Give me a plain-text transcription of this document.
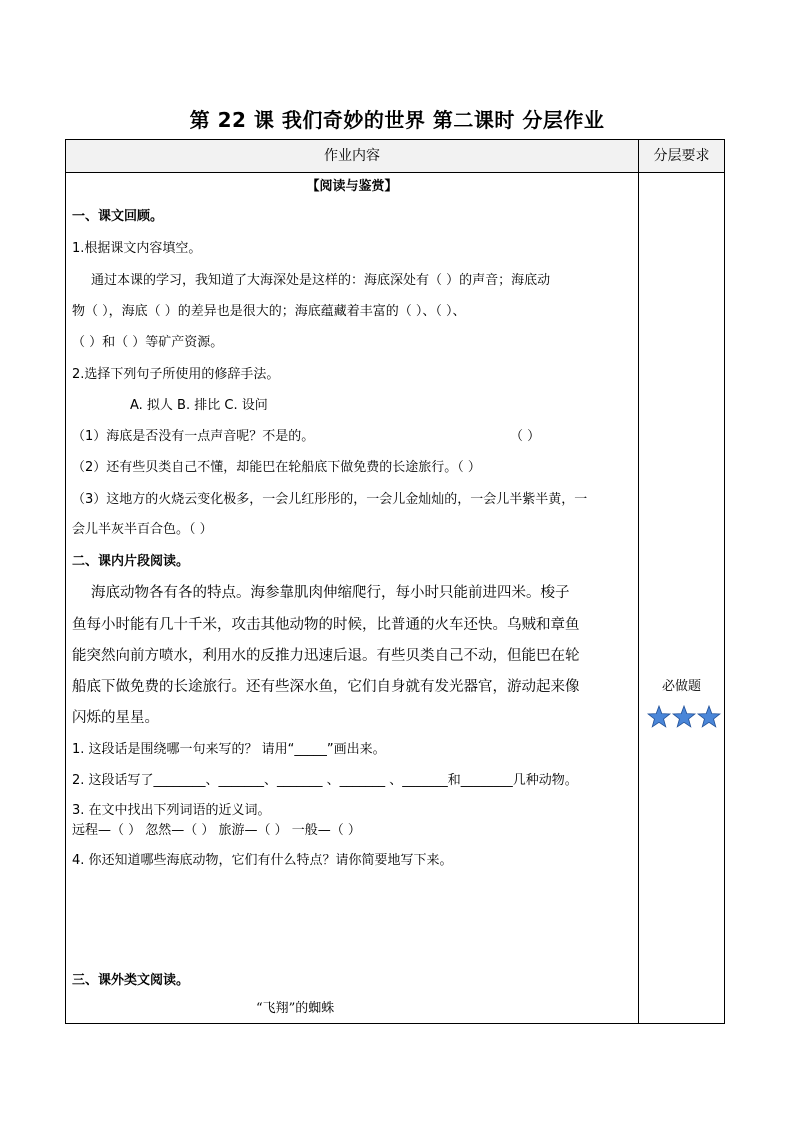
第 22 课 我们奇妙的世界 第二课时 分层作业
作业内容	分层要求
【阅读与鉴赏】
一、课文回顾。
1.根据课文内容填空。
通过本课的学习，我知道了大海深处是这样的：海底深处有（ ）的声音；海底动
物（ ），海底（ ）的差异也是很大的；海底蕴藏着丰富的（ ）、（ ）、
（ ）和（ ）等矿产资源。
2.选择下列句子所使用的修辞手法。
A. 拟人 B. 排比 C. 设问
（1）海底是否没有一点声音呢？不是的。	（ ）
（2）还有些贝类自己不懂，却能巴在轮船底下做免费的长途旅行。（ ）
（3）这地方的火烧云变化极多，一会儿红彤彤的，一会儿金灿灿的，一会儿半紫半黄，一
会儿半灰半百合色。（ ）
二、课内片段阅读。
海底动物各有各的特点。海参靠肌肉伸缩爬行，每小时只能前进四米。梭子
鱼每小时能有几十千米，攻击其他动物的时候，比普通的火车还快。乌贼和章鱼
能突然向前方喷水，利用水的反推力迅速后退。有些贝类自己不动，但能巴在轮
船底下做免费的长途旅行。还有些深水鱼，它们自身就有发光器官，游动起来像
闪烁的星星。
1. 这段话是围绕哪一句来写的？ 请用“_____”画出来。
2. 这段话写了________、_______、_______ 、_______ 、_______和________几种动物。
3. 在文中找出下列词语的近义词。
远程—（ ） 忽然—（ ） 旅游—（ ） 一般—（ ）
4. 你还知道哪些海底动物，它们有什么特点？请你简要地写下来。
三、课外类文阅读。
“飞翔”的蜘蛛
必做题
